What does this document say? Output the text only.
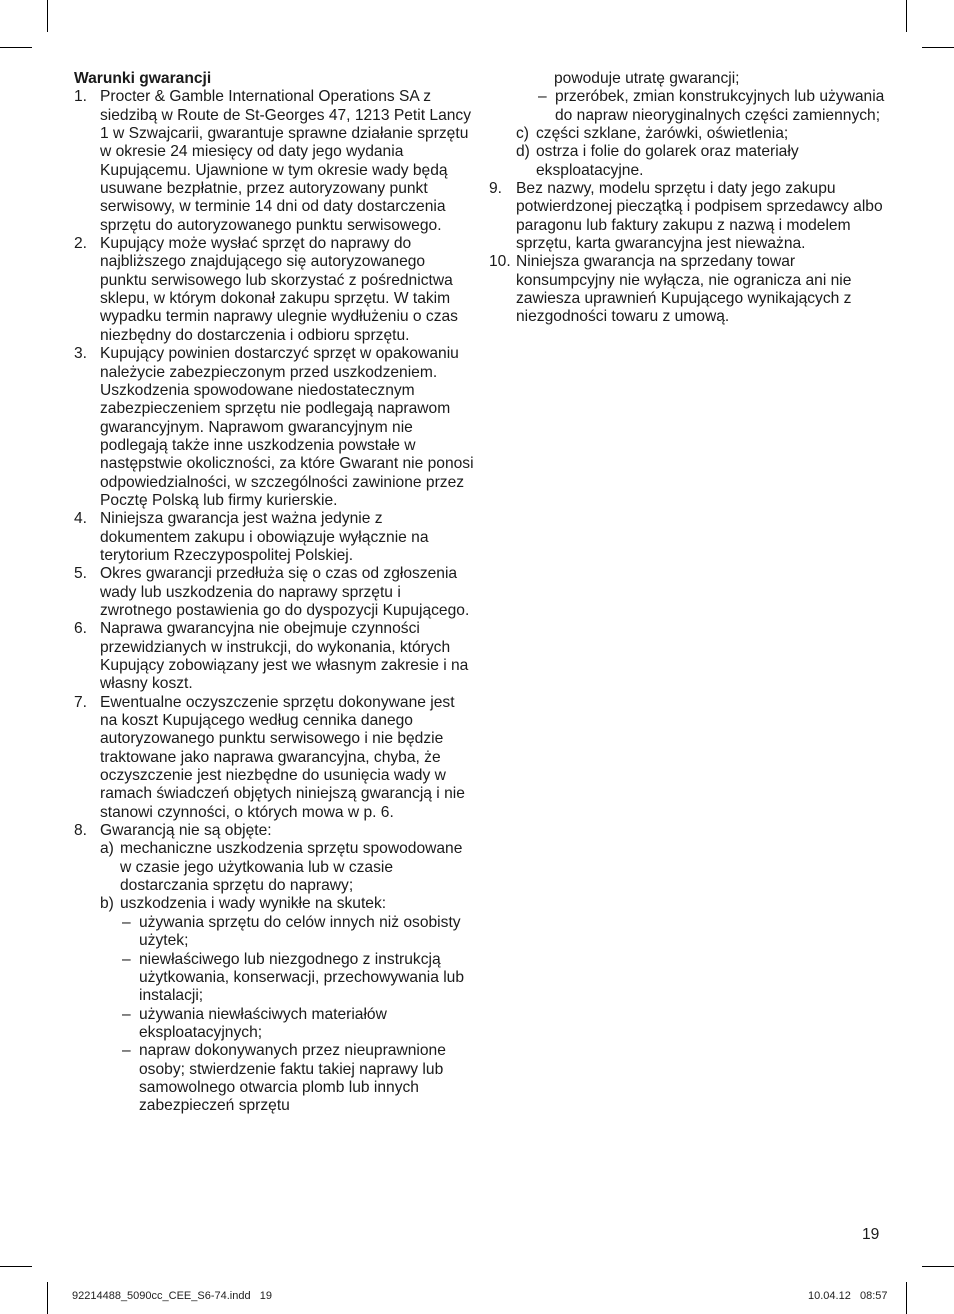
Warunki gwarancji

1. Procter & Gamble International Operations SA z siedzibą w Route de St-Georges 47, 1213 Petit Lancy 1 w Szwajcarii, gwarantuje sprawne działanie sprzętu w okresie 24 miesięcy od daty jego wydania Kupującemu. Ujawnione w tym okresie wady będą usuwane bezpłatnie, przez autoryzowany punkt serwisowy, w terminie 14 dni od daty dostarczenia sprzętu do autoryzowanego punktu serwisowego.
2. Kupujący może wysłać sprzęt do naprawy do najbliższego znajdującego się autoryzowanego punktu serwisowego lub skorzystać z pośrednictwa sklepu, w którym dokonał zakupu sprzętu. W takim wypadku termin naprawy ulegnie wydłużeniu o czas niezbędny do dostarczenia i odbioru sprzętu.
3. Kupujący powinien dostarczyć sprzęt w opakowaniu należycie zabezpieczonym przed uszkodzeniem. Uszkodzenia spowodowane niedostatecznym zabezpieczeniem sprzętu nie podlegają naprawom gwarancyjnym. Naprawom gwarancyjnym nie podlegają także inne uszkodzenia powstałe w następstwie okoliczności, za które Gwarant nie ponosi odpowiedzialności, w szczególności zawinione przez Pocztę Polską lub firmy kurierskie.
4. Niniejsza gwarancja jest ważna jedynie z dokumentem zakupu i obowiązuje wyłącznie na terytorium Rzeczypospolitej Polskiej.
5. Okres gwarancji przedłuża się o czas od zgłoszenia wady lub uszkodzenia do naprawy sprzętu i zwrotnego postawienia go do dyspozycji Kupującego.
6. Naprawa gwarancyjna nie obejmuje czynności przewidzianych w instrukcji, do wykonania, których Kupujący zobowiązany jest we własnym zakresie i na własny koszt.
7. Ewentualne oczyszczenie sprzętu dokonywane jest na koszt Kupującego według cennika danego autoryzowanego punktu serwisowego i nie będzie traktowane jako naprawa gwarancyjna, chyba, że oczyszczenie jest niezbędne do usunięcia wady w ramach świadczeń objętych niniejszą gwarancją i nie stanowi czynności, o których mowa w p. 6.
8. Gwarancją nie są objęte:
a) mechaniczne uszkodzenia sprzętu spowodowane w czasie jego użytkowania lub w czasie dostarczania sprzętu do naprawy;
b) uszkodzenia i wady wynikłe na skutek:
– używania sprzętu do celów innych niż osobisty użytek;
– niewłaściwego lub niezgodnego z instrukcją użytkowania, konserwacji, przechowywania lub instalacji;
– używania niewłaściwych materiałów eksploatacyjnych;
– napraw dokonywanych przez nieuprawnione osoby; stwierdzenie faktu takiej naprawy lub samowolnego otwarcia plomb lub innych zabezpieczeń sprzętu
powoduje utratę gwarancji;
– przeróbek, zmian konstrukcyjnych lub używania do napraw nieoryginalnych części zamiennych;
c) części szklane, żarówki, oświetlenia;
d) ostrza i folie do golarek oraz materiały eksploatacyjne.
9. Bez nazwy, modelu sprzętu i daty jego zakupu potwierdzonej pieczątką i podpisem sprzedawcy albo paragonu lub faktury zakupu z nazwą i modelem sprzętu, karta gwarancyjna jest nieważna.
10. Niniejsza gwarancja na sprzedany towar konsumpcyjny nie wyłącza, nie ogranicza ani nie zawiesza uprawnień Kupującego wynikających z niezgodności towaru z umową.
19
92214488_5090cc_CEE_S6-74.indd   19	10.04.12   08:57
